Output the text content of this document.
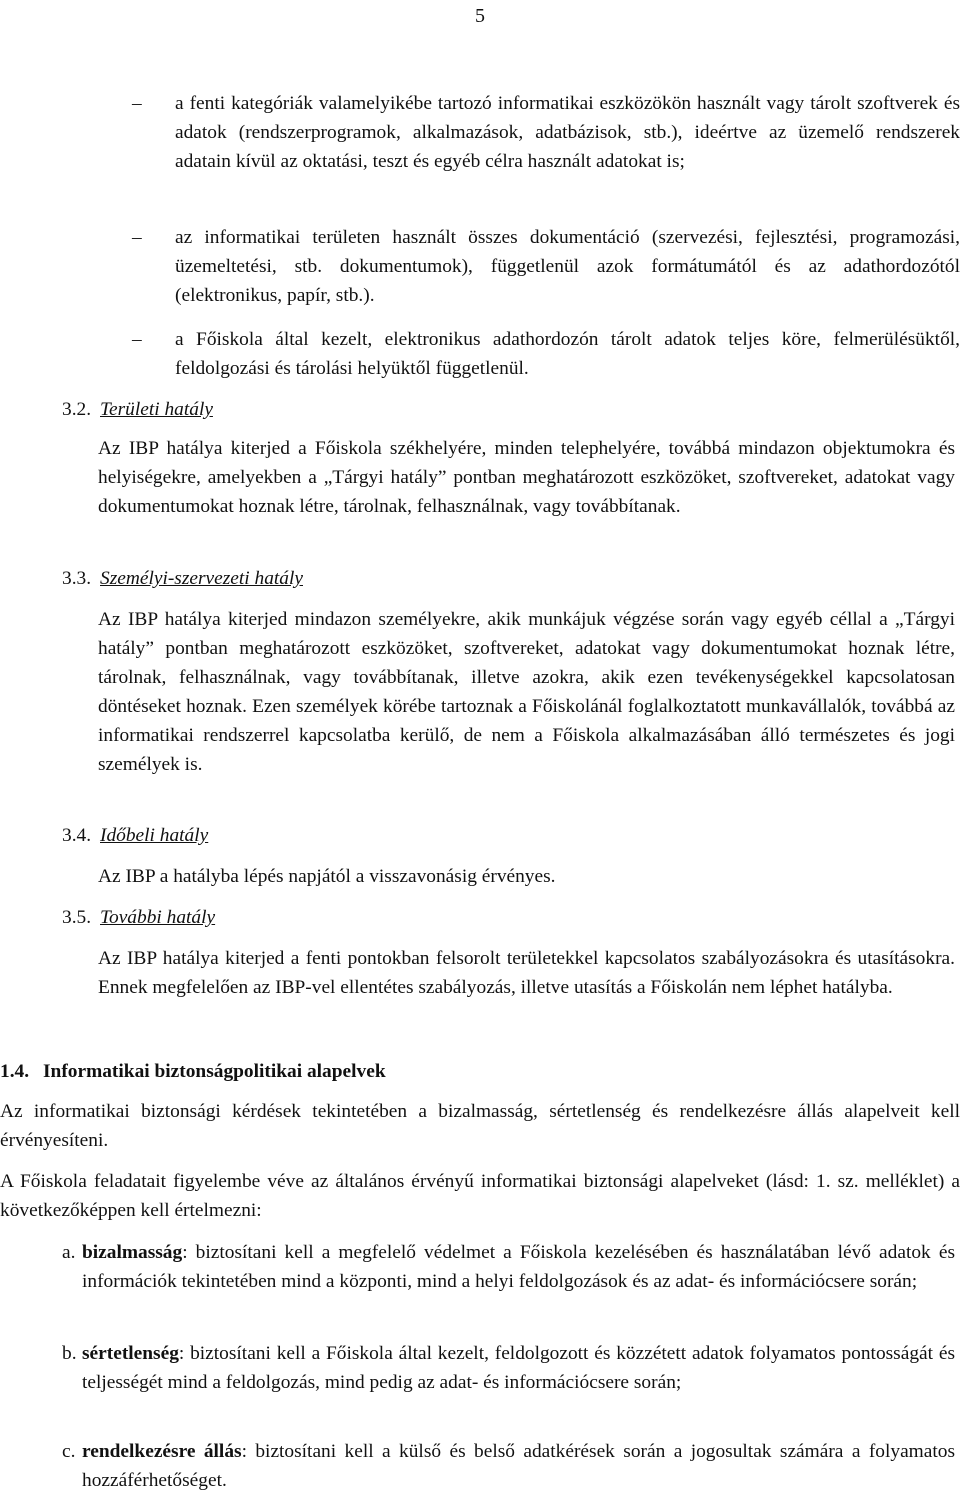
5
–	a fenti kategóriák valamelyikébe tartozó informatikai eszközökön használt vagy tárolt szoftverek és adatok (rendszerprogramok, alkalmazások, adatbázisok, stb.), ideértve az üzemelő rendszerek adatain kívül az oktatási, teszt és egyéb célra használt adatokat is;
–	az informatikai területen használt összes dokumentáció (szervezési, fejlesztési, programozási, üzemeltetési, stb. dokumentumok), függetlenül azok formátumától és az adathordozótól (elektronikus, papír, stb.).
–	a Főiskola által kezelt, elektronikus adathordozón tárolt adatok teljes köre, felmerülésüktől, feldolgozási és tárolási helyüktől függetlenül.
3.2. Területi hatály
Az IBP hatálya kiterjed a Főiskola székhelyére, minden telephelyére, továbbá mindazon objektumokra és helyiségekre, amelyekben a „Tárgyi hatály” pontban meghatározott eszközöket, szoftvereket, adatokat vagy dokumentumokat hoznak létre, tárolnak, felhasználnak, vagy továbbítanak.
3.3. Személyi-szervezeti hatály
Az IBP hatálya kiterjed mindazon személyekre, akik munkájuk végzése során vagy egyéb céllal a „Tárgyi hatály” pontban meghatározott eszközöket, szoftvereket, adatokat vagy dokumentumokat hoznak létre, tárolnak, felhasználnak, vagy továbbítanak, illetve azokra, akik ezen tevékenységekkel kapcsolatosan döntéseket hoznak. Ezen személyek körébe tartoznak a Főiskolánál foglalkoztatott munkavállalók, továbbá az informatikai rendszerrel kapcsolatba kerülő, de nem a Főiskola alkalmazásában álló természetes és jogi személyek is.
3.4. Időbeli hatály
Az IBP a hatályba lépés napjától a visszavonásig érvényes.
3.5. További hatály
Az IBP hatálya kiterjed a fenti pontokban felsorolt területekkel kapcsolatos szabályozásokra és utasításokra. Ennek megfelelően az IBP-vel ellentétes szabályozás, illetve utasítás a Főiskolán nem léphet hatályba.
1.4. Informatikai biztonságpolitikai alapelvek
Az informatikai biztonsági kérdések tekintetében a bizalmasság, sértetlenség és rendelkezésre állás alapelveit kell érvényesíteni.
A Főiskola feladatait figyelembe véve az általános érvényű informatikai biztonsági alapelveket (lásd: 1. sz. melléklet) a következőképpen kell értelmezni:
a. bizalmasság: biztosítani kell a megfelelő védelmet a Főiskola kezelésében és használatában lévő adatok és információk tekintetében mind a központi, mind a helyi feldolgozások és az adat- és információcsere során;
b. sértetlenség: biztosítani kell a Főiskola által kezelt, feldolgozott és közzétett adatok folyamatos pontosságát és teljességét mind a feldolgozás, mind pedig az adat- és információcsere során;
c. rendelkezésre állás: biztosítani kell a külső és belső adatkérések során a jogosultak számára a folyamatos hozzáférhetőséget.
